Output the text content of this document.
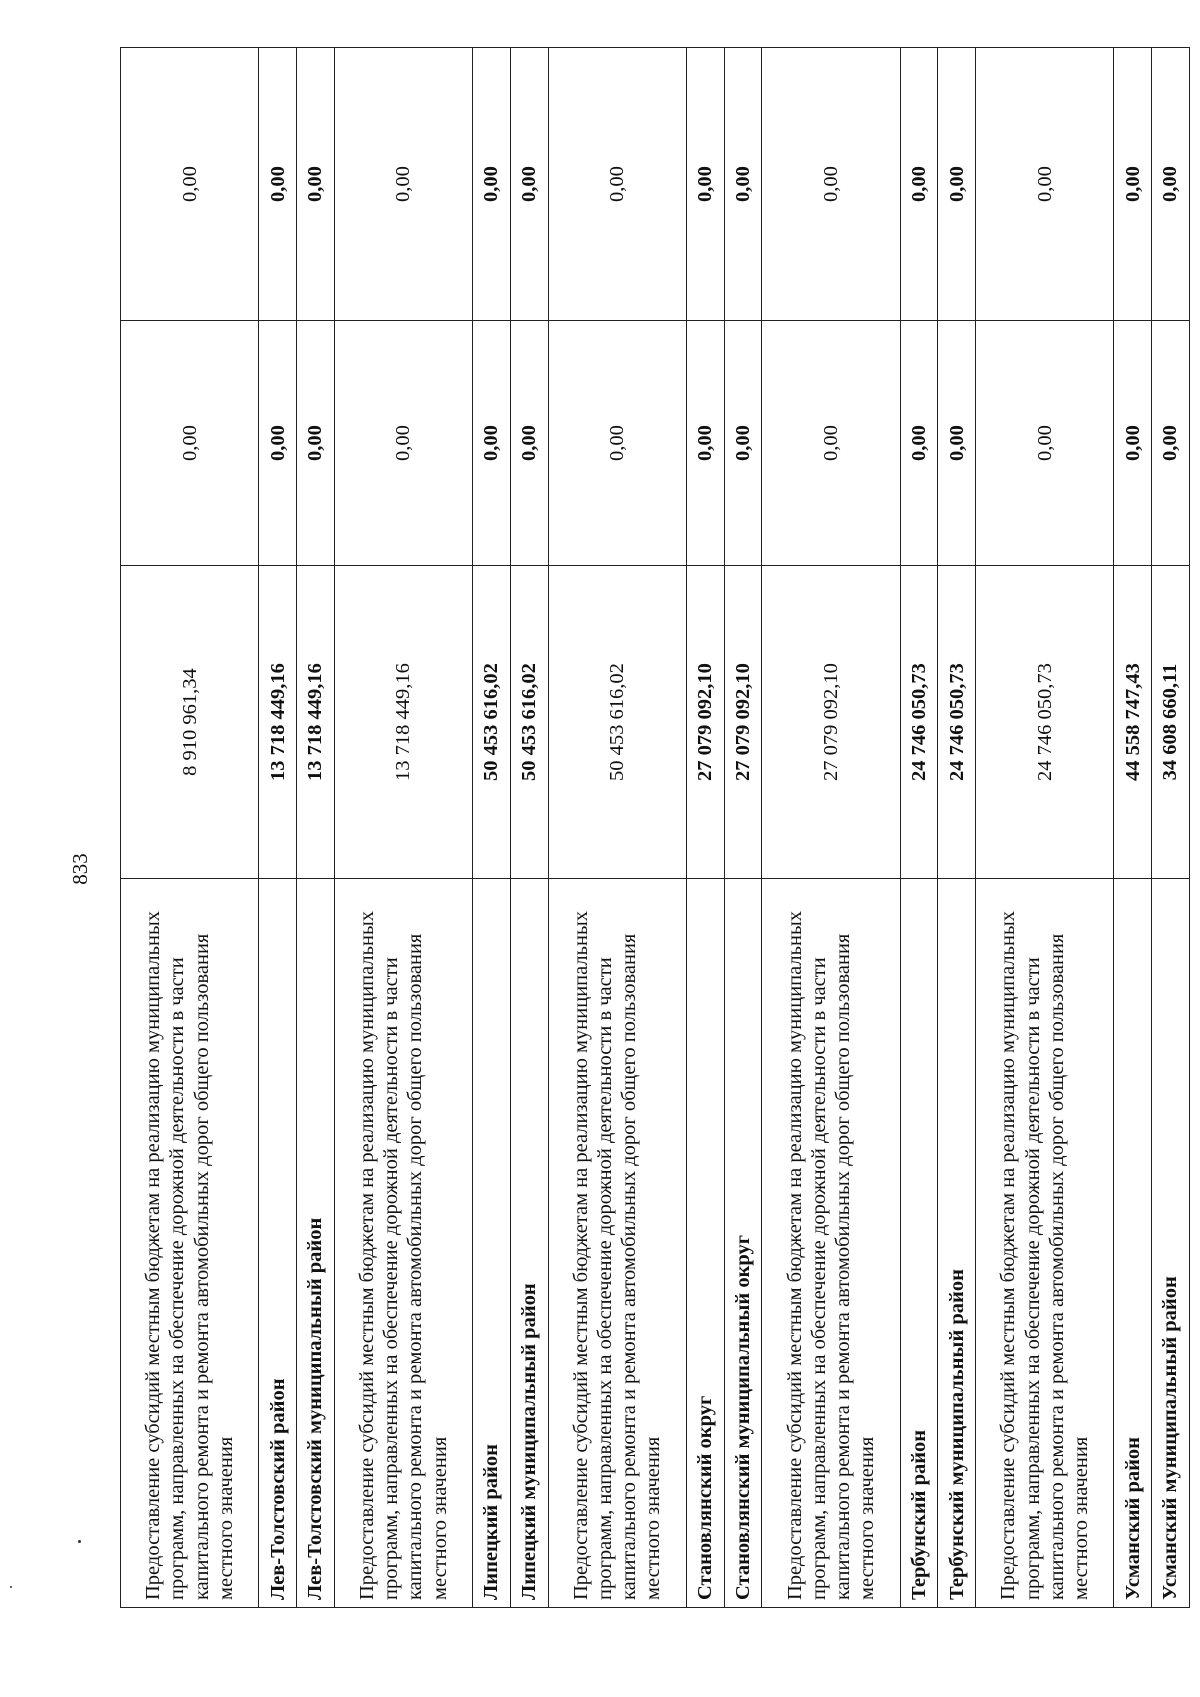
833
Предоставление субсидий местным бюджетам на реализацию муниципальных программ, направленных на обеспечение дорожной деятельности в части капитального ремонта и ремонта автомобильных дорог общего пользования местного значения	8 910 961,34	0,00	0,00
Лев-Толстовский район	13 718 449,16	0,00	0,00
Лев-Толстовский муниципальный район	13 718 449,16	0,00	0,00
Предоставление субсидий местным бюджетам на реализацию муниципальных программ, направленных на обеспечение дорожной деятельности в части капитального ремонта и ремонта автомобильных дорог общего пользования местного значения	13 718 449,16	0,00	0,00
Липецкий район	50 453 616,02	0,00	0,00
Липецкий муниципальный район	50 453 616,02	0,00	0,00
Предоставление субсидий местным бюджетам на реализацию муниципальных программ, направленных на обеспечение дорожной деятельности в части капитального ремонта и ремонта автомобильных дорог общего пользования местного значения	50 453 616,02	0,00	0,00
Становлянский округ	27 079 092,10	0,00	0,00
Становлянский муниципальный округ	27 079 092,10	0,00	0,00
Предоставление субсидий местным бюджетам на реализацию муниципальных программ, направленных на обеспечение дорожной деятельности в части капитального ремонта и ремонта автомобильных дорог общего пользования местного значения	27 079 092,10	0,00	0,00
Тербунский район	24 746 050,73	0,00	0,00
Тербунский муниципальный район	24 746 050,73	0,00	0,00
Предоставление субсидий местным бюджетам на реализацию муниципальных программ, направленных на обеспечение дорожной деятельности в части капитального ремонта и ремонта автомобильных дорог общего пользования местного значения	24 746 050,73	0,00	0,00
Усманский район	44 558 747,43	0,00	0,00
Усманский муниципальный район	34 608 660,11	0,00	0,00
